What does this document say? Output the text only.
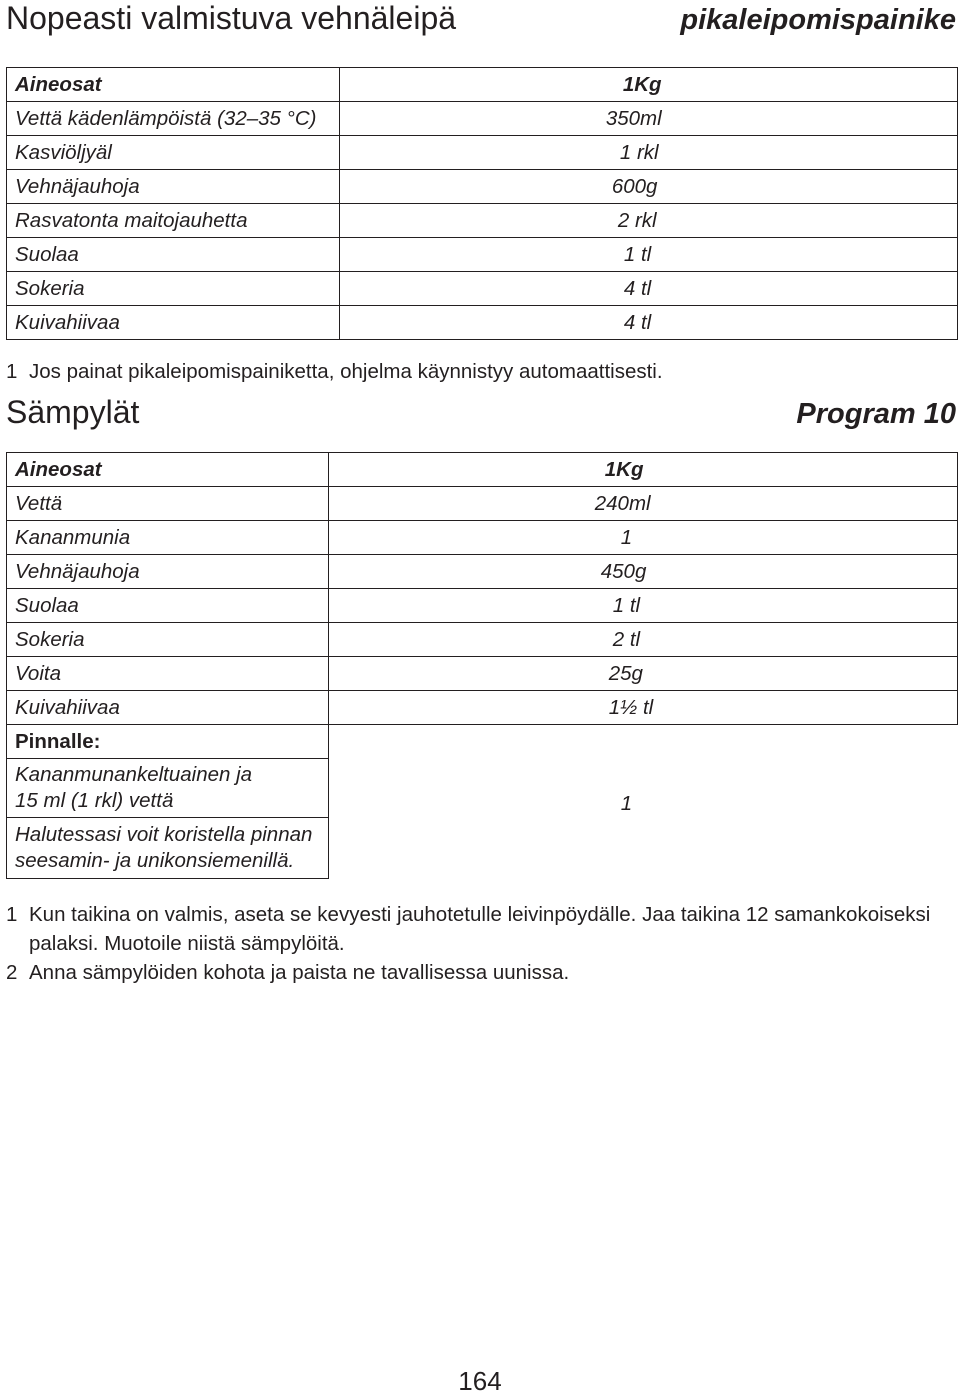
Nopeasti valmistuva vehnäleipä	pikaleipomispainike
Aineosat	1Kg
Vettä kädenlämpöistä (32–35 °C)	350ml
Kasviöljyäl	1 rkl
Vehnäjauhoja	600g
Rasvatonta maitojauhetta	2 rkl
Suolaa	1 tl
Sokeria	4 tl
Kuivahiivaa	4 tl
1 Jos painat pikaleipomispainiketta, ohjelma käynnistyy automaattisesti.
Sämpylät	Program 10
Aineosat	1Kg
Vettä	240ml
Kananmunia	1
Vehnäjauhoja	450g
Suolaa	1 tl
Sokeria	2 tl
Voita	25g
Kuivahiivaa	1½ tl
Pinnalle:	

Kananmunankeltuainen ja
15 ml (1 rkl) vettä	1

Halutessasi voit koristella pinnan
seesamin- ja unikonsiemenillä.	

1 Kun taikina on valmis, aseta se kevyesti jauhotetulle leivinpöydälle. Jaa taikina 12 samankokoiseksi palaksi. Muotoile niistä sämpylöitä.
2 Anna sämpylöiden kohota ja paista ne tavallisessa uunissa.
164
